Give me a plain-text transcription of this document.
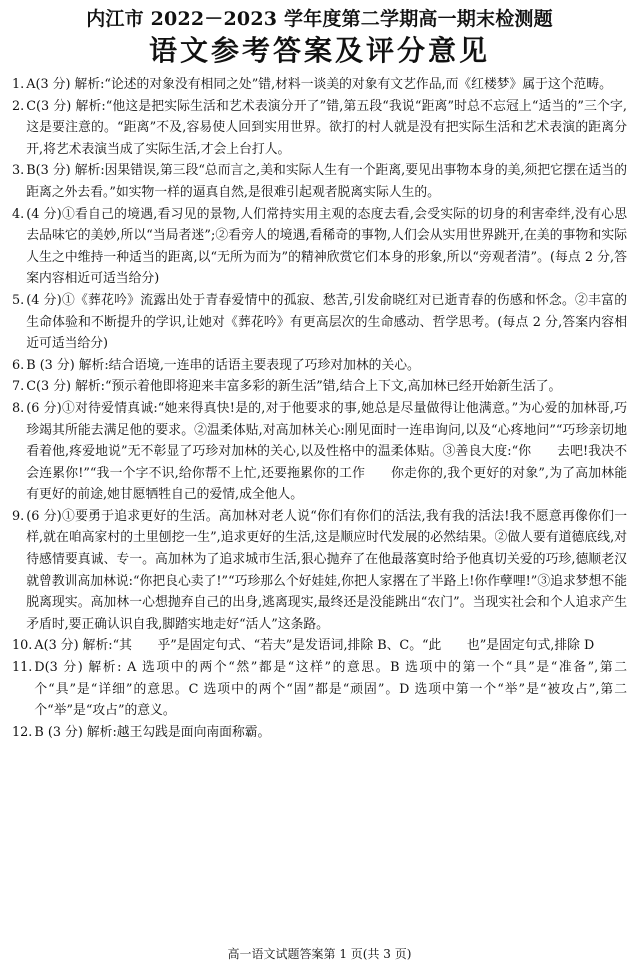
内江市 2022－2023 学年度第二学期高一期末检测题
语文参考答案及评分意见
1. A(3 分) 解析:“论述的对象没有相同之处”错,材料一谈美的对象有文艺作品,而《红楼梦》属于这个范畴。
2. C(3 分) 解析:“他这是把实际生活和艺术表演分开了”错,第五段“我说“距离”时总不忘冠上“适当的”三个字,这是要注意的。“距离”不及,容易使人回到实用世界。欲打的村人就是没有把实际生活和艺术表演的距离分开,将艺术表演当成了实际生活,才会上台打人。
3. B(3 分) 解析:因果错误,第三段“总而言之,美和实际人生有一个距离,要见出事物本身的美,须把它摆在适当的距离之外去看。”如实物一样的逼真自然,是很难引起观者脱离实际人生的。
4. (4 分)①看自己的境遇,看习见的景物,人们常持实用主观的态度去看,会受实际的切身的利害牵绊,没有心思去品味它的美妙,所以“当局者迷”;②看旁人的境遇,看稀奇的事物,人们会从实用世界跳开,在美的事物和实际人生之中维持一种适当的距离,以“无所为而为”的精神欣赏它们本身的形象,所以“旁观者清”。(每点 2 分,答案内容相近可适当给分)
5. (4 分)①《葬花吟》流露出处于青春爱情中的孤寂、愁苦,引发俞晓红对已逝青春的伤感和怀念。②丰富的生命体验和不断提升的学识,让她对《葬花吟》有更高层次的生命感动、哲学思考。(每点 2 分,答案内容相近可适当给分)
6. B (3 分) 解析:结合语境,一连串的话语主要表现了巧珍对加林的关心。
7. C(3 分) 解析:“预示着他即将迎来丰富多彩的新生活”错,结合上下文,高加林已经开始新生活了。
8. (6 分)①对待爱情真诚:“她来得真快!是的,对于他要求的事,她总是尽量做得让他满意。”为心爱的加林哥,巧珍竭其所能去满足他的要求。②温柔体贴,对高加林关心:刚见面时一连串询问,以及“心疼地问”“巧珍亲切地看着他,疼爱地说”无不彰显了巧珍对加林的关心,以及性格中的温柔体贴。③善良大度:“你　　去吧!我决不会连累你!”“我一个字不识,给你帮不上忙,还要拖累你的工作　　你走你的,我个更好的对象”,为了高加林能有更好的前途,她甘愿牺牲自己的爱情,成全他人。
9. (6 分)①要勇于追求更好的生活。高加林对老人说“你们有你们的活法,我有我的活法!我不愿意再像你们一样,就在咱高家村的土里刨挖一生”,追求更好的生活,这是顺应时代发展的必然结果。②做人要有道德底线,对待感情要真诚、专一。高加林为了追求城市生活,狠心抛弃了在他最落寞时给予他真切关爱的巧珍,德顺老汉就曾教训高加林说:“你把良心卖了!”“巧珍那么个好娃娃,你把人家撂在了半路上!你作孽哩!”③追求梦想不能脱离现实。高加林一心想抛弃自己的出身,逃离现实,最终还是没能跳出“农门”。当现实社会和个人追求产生矛盾时,要正确认识自我,脚踏实地走好“活人”这条路。
10. A(3 分) 解析:“其　　乎”是固定句式、“若夫”是发语词,排除 B、C。“此　　也”是固定句式,排除 D
11. D(3 分) 解析: A 选项中的两个“然”都是“这样”的意思。B 选项中的第一个“具”是“准备”,第二个“具”是“详细”的意思。C 选项中的两个“固”都是“顽固”。D 选项中第一个“举”是“被攻占”,第二个“举”是“攻占”的意义。
12. B (3 分) 解析:越王勾践是面向南面称霸。
高一语文试题答案第 1 页(共 3 页)
